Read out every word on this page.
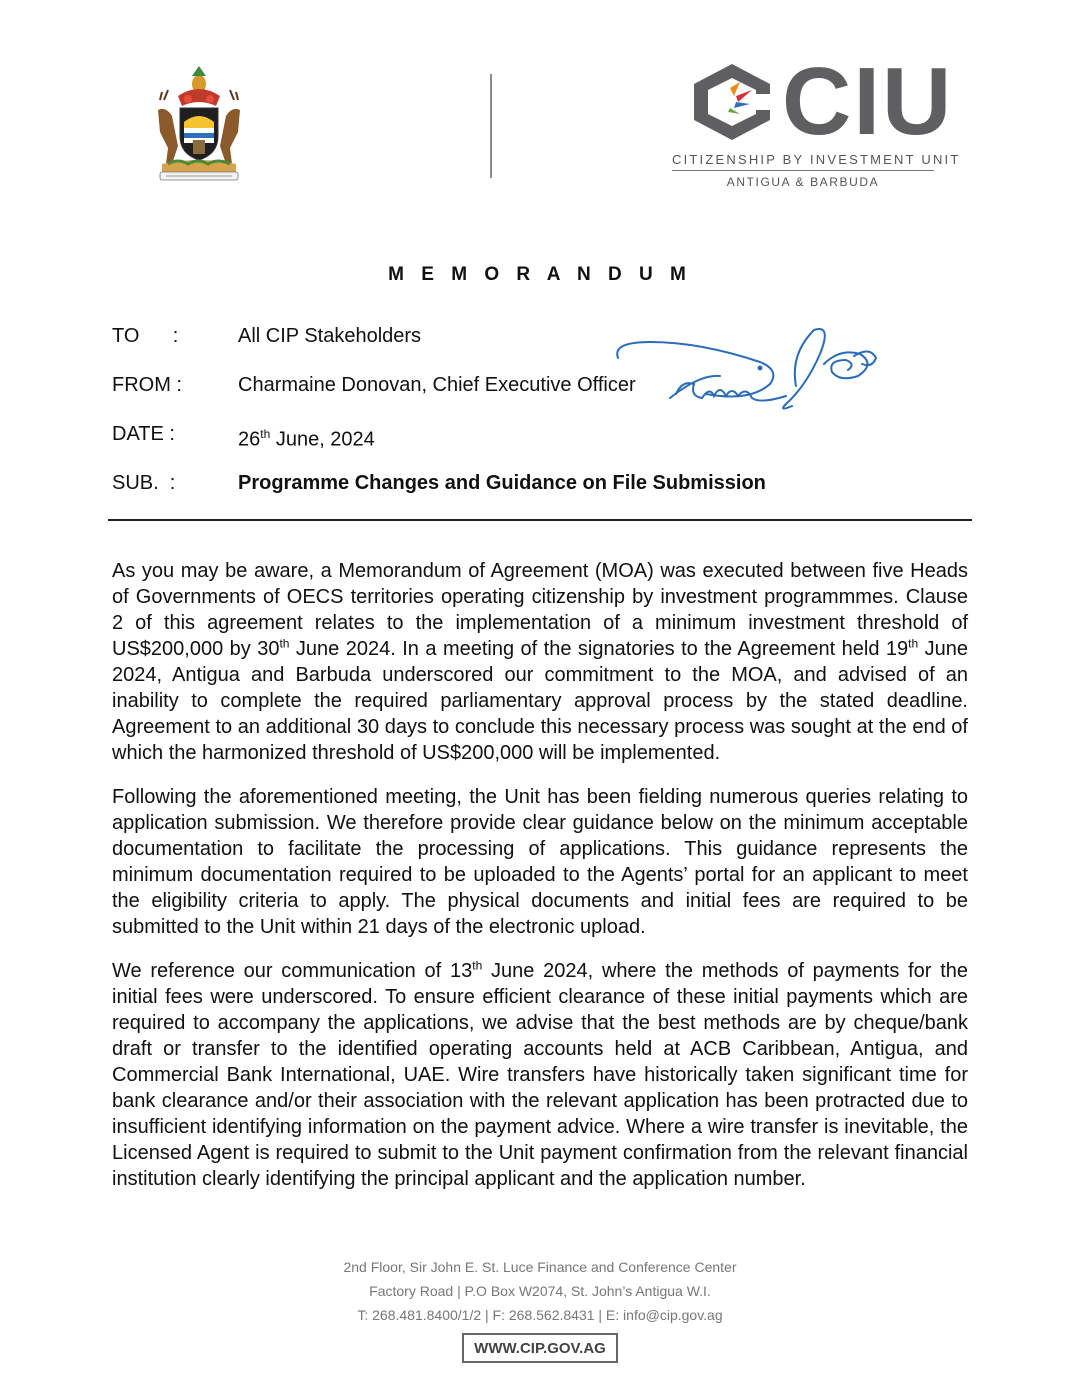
CIU
CITIZENSHIP BY INVESTMENT UNIT
ANTIGUA & BARBUDA
M E M O R A N D U M
TO      :	All CIP Stakeholders
FROM :	Charmaine Donovan, Chief Executive Officer
DATE :	26th June, 2024
SUB.  :	Programme Changes and Guidance on File Submission

As you may be aware, a Memorandum of Agreement (MOA) was executed between five Heads of Governments of OECS territories operating citizenship by investment programmmes. Clause 2 of this agreement relates to the implementation of a minimum investment threshold of US$200,000 by 30th June 2024. In a meeting of the signatories to the Agreement held 19th June 2024, Antigua and Barbuda underscored our commitment to the MOA, and advised of an inability to complete the required parliamentary approval process by the stated deadline. Agreement to an additional 30 days to conclude this necessary process was sought at the end of which the harmonized threshold of US$200,000 will be implemented.

Following the aforementioned meeting, the Unit has been fielding numerous queries relating to application submission. We therefore provide clear guidance below on the minimum acceptable documentation to facilitate the processing of applications. This guidance represents the minimum documentation required to be uploaded to the Agents’ portal for an applicant to meet the eligibility criteria to apply. The physical documents and initial fees are required to be submitted to the Unit within 21 days of the electronic upload.

We reference our communication of 13th June 2024, where the methods of payments for the initial fees were underscored. To ensure efficient clearance of these initial payments which are required to accompany the applications, we advise that the best methods are by cheque/bank draft or transfer to the identified operating accounts held at ACB Caribbean, Antigua, and Commercial Bank International, UAE. Wire transfers have historically taken significant time for bank clearance and/or their association with the relevant application has been protracted due to insufficient identifying information on the payment advice. Where a wire transfer is inevitable, the Licensed Agent is required to submit to the Unit payment confirmation from the relevant financial institution clearly identifying the principal applicant and the application number.

2nd Floor, Sir John E. St. Luce Finance and Conference Center
Factory Road | P.O Box W2074, St. John’s Antigua W.I.
T: 268.481.8400/1/2 | F: 268.562.8431 | E: info@cip.gov.ag
WWW.CIP.GOV.AG
